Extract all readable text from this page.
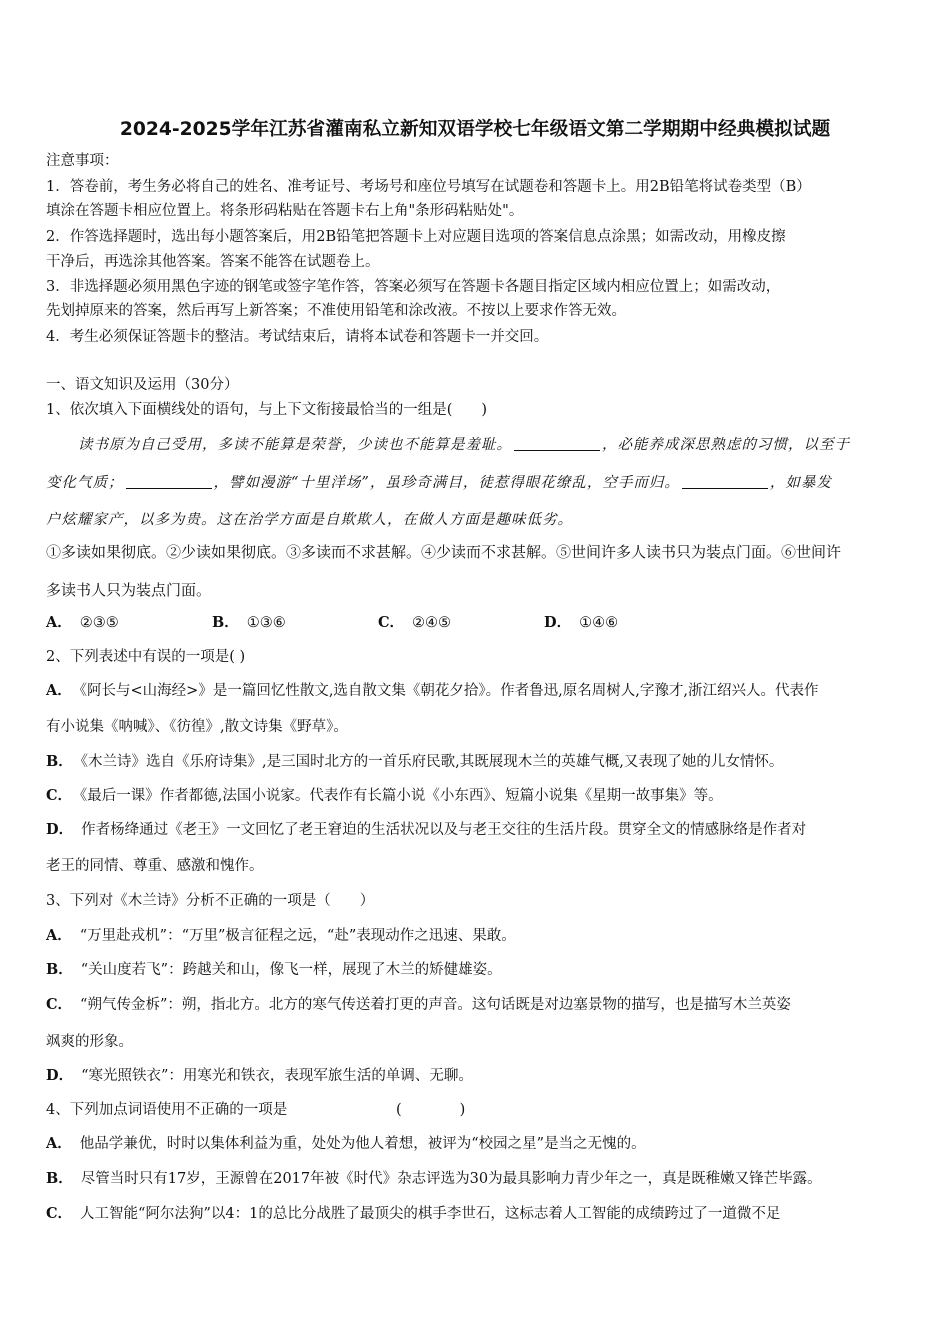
2024-2025学年江苏省灌南私立新知双语学校七年级语文第二学期期中经典模拟试题
注意事项：
1．答卷前，考生务必将自己的姓名、准考证号、考场号和座位号填写在试题卷和答题卡上。用2B铅笔将试卷类型（B）
填涂在答题卡相应位置上。将条形码粘贴在答题卡右上角"条形码粘贴处"。
2．作答选择题时，选出每小题答案后，用2B铅笔把答题卡上对应题目选项的答案信息点涂黑；如需改动，用橡皮擦
干净后，再选涂其他答案。答案不能答在试题卷上。
3．非选择题必须用黑色字迹的钢笔或签字笔作答，答案必须写在答题卡各题目指定区域内相应位置上；如需改动，
先划掉原来的答案，然后再写上新答案；不准使用铅笔和涂改液。不按以上要求作答无效。
4．考生必须保证答题卡的整洁。考试结束后，请将本试卷和答题卡一并交回。
一、语文知识及运用（30分）
1、依次填入下面横线处的语句，与上下文衔接最恰当的一组是(　　)
读书原为自己受用，多读不能算是荣誉，少读也不能算是羞耻。	，必能养成深思熟虑的习惯，以至于
变化气质；	，譬如漫游“十里洋场”，虽珍奇满目，徒惹得眼花缭乱，空手而归。	，如暴发
户炫耀家产，以多为贵。这在治学方面是自欺欺人，在做人方面是趣味低劣。
①多读如果彻底。②少读如果彻底。③多读而不求甚解。④少读而不求甚解。⑤世间许多人读书只为装点门面。⑥世间许
多读书人只为装点门面。
A． ②③⑤	B． ①③⑥	C． ②④⑤	D． ①④⑥
2、下列表述中有误的一项是( )
A． 《阿长与<山海经>》是一篇回忆性散文,选自散文集《朝花夕拾》。作者鲁迅,原名周树人,字豫才,浙江绍兴人。代表作
有小说集《呐喊》、《彷徨》,散文诗集《野草》。
B． 《木兰诗》选自《乐府诗集》,是三国时北方的一首乐府民歌,其既展现木兰的英雄气概,又表现了她的儿女情怀。
C． 《最后一课》作者都德,法国小说家。代表作有长篇小说《小东西》、短篇小说集《星期一故事集》等。
D． 作者杨绛通过《老王》一文回忆了老王窘迫的生活状况以及与老王交往的生活片段。贯穿全文的情感脉络是作者对
老王的同情、尊重、感激和愧作。
3、下列对《木兰诗》分析不正确的一项是（　　）
A． “万里赴戎机”：“万里”极言征程之远，“赴”表现动作之迅速、果敢。
B． “关山度若飞”：跨越关和山，像飞一样，展现了木兰的矫健雄姿。
C． “朔气传金柝”：朔，指北方。北方的寒气传送着打更的声音。这句话既是对边塞景物的描写，也是描写木兰英姿
飒爽的形象。
D． “寒光照铁衣”：用寒光和铁衣，表现军旅生活的单调、无聊。
4、下列加点词语使用不正确的一项是	(　　　　)
A． 他品学兼优，时时以集体利益为重，处处为他人着想，被评为“校园之星”是当之无愧的。
B． 尽管当时只有17岁，王源曾在2017年被《时代》杂志评选为30为最具影响力青少年之一，真是既稚嫩又锋芒毕露。
C． 人工智能“阿尔法狗”以4：1的总比分战胜了最顶尖的棋手李世石，这标志着人工智能的成绩跨过了一道微不足
